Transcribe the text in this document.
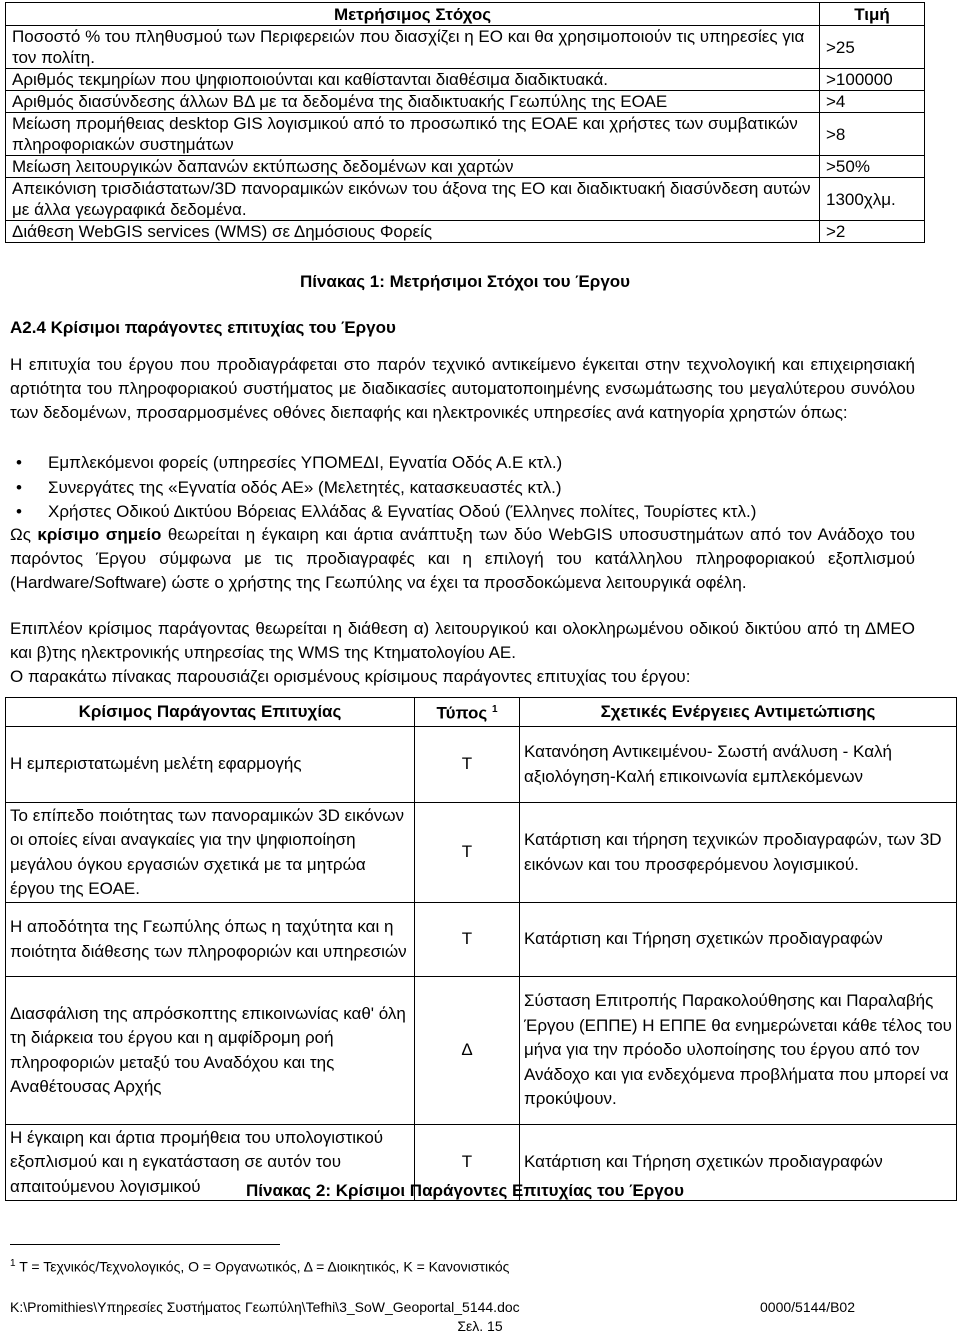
Μετρήσιμος Στόχος	Τιμή
Ποσοστό % του πληθυσμού των Περιφερειών που διασχίζει η ΕΟ και θα χρησιμοποιούν τις υπηρεσίες για τον πολίτη.	>25
Αριθμός τεκμηρίων που ψηφιοποιούνται και καθίστανται διαθέσιμα διαδικτυακά.	>100000
Αριθμός διασύνδεσης άλλων ΒΔ με τα δεδομένα της διαδικτυακής Γεωπύλης της ΕΟΑΕ	>4
Μείωση προμήθειας desktop GIS λογισμικού από το προσωπικό της ΕΟΑΕ και χρήστες των συμβατικών πληροφοριακών συστημάτων	>8
Μείωση λειτουργικών δαπανών εκτύπωσης δεδομένων και χαρτών	>50%
Απεικόνιση τρισδιάστατων/3D πανοραμικών εικόνων του άξονα της ΕΟ και διαδικτυακή διασύνδεση αυτών με άλλα γεωγραφικά δεδομένα.	1300χλμ.
Διάθεση WebGIS services (WMS) σε Δημόσιους Φορείς	>2
Πίνακας 1: Μετρήσιμοι Στόχοι του Έργου
Α2.4 Κρίσιμοι παράγοντες επιτυχίας του Έργου
Η επιτυχία του έργου που προδιαγράφεται στο παρόν τεχνικό αντικείμενο έγκειται στην τεχνολογική και επιχειρησιακή αρτιότητα του πληροφοριακού συστήματος με διαδικασίες αυτοματοποιημένης ενσωμάτωσης του μεγαλύτερου συνόλου των δεδομένων, προσαρμοσμένες οθόνες διεπαφής και ηλεκτρονικές υπηρεσίες ανά κατηγορία χρηστών όπως:
• Εμπλεκόμενοι φορείς (υπηρεσίες ΥΠΟΜΕΔΙ, Εγνατία Οδός Α.Ε κτλ.)
• Συνεργάτες της «Εγνατία οδός ΑΕ» (Μελετητές, κατασκευαστές κτλ.)
• Χρήστες Οδικού Δικτύου Βόρειας Ελλάδας & Εγνατίας Οδού (Έλληνες πολίτες, Τουρίστες κτλ.)
Ως κρίσιμο σημείο θεωρείται η έγκαιρη και άρτια ανάπτυξη των δύο WebGIS υποσυστημάτων από τον Ανάδοχο του παρόντος Έργου σύμφωνα με τις προδιαγραφές και η επιλογή του κατάλληλου πληροφοριακού εξοπλισμού (Hardware/Software) ώστε ο χρήστης της Γεωπύλης να έχει τα προσδοκώμενα λειτουργικά οφέλη.
Επιπλέον κρίσιμος παράγοντας θεωρείται η διάθεση α) λειτουργικού και ολοκληρωμένου οδικού δικτύου από τη ΔΜΕΟ και β)της ηλεκτρονικής υπηρεσίας της WMS της Κτηματολογίου ΑΕ.
Ο παρακάτω πίνακας παρουσιάζει ορισμένους κρίσιμους παράγοντες επιτυχίας του έργου:
Κρίσιμος Παράγοντας Επιτυχίας	Τύπος $^1$	Σχετικές Ενέργειες Αντιμετώπισης
Η εμπεριστατωμένη μελέτη εφαρμογής	Τ	Κατανόηση Αντικειμένου- Σωστή ανάλυση - Καλή αξιολόγηση-Καλή επικοινωνία εμπλεκόμενων
Το επίπεδο ποιότητας των πανοραμικών 3D εικόνων οι οποίες είναι αναγκαίες για την ψηφιοποίηση μεγάλου όγκου εργασιών σχετικά με τα μητρώα έργου της ΕΟΑΕ.	Τ	Κατάρτιση και τήρηση τεχνικών προδιαγραφών, των 3D εικόνων και του προσφερόμενου λογισμικού.
Η αποδότητα της Γεωπύλης όπως η ταχύτητα και η ποιότητα διάθεσης των πληροφοριών και υπηρεσιών	Τ	Κατάρτιση και Τήρηση σχετικών προδιαγραφών
Διασφάλιση της απρόσκοπτης επικοινωνίας καθ' όλη τη διάρκεια του έργου και η αμφίδρομη ροή πληροφοριών μεταξύ του Αναδόχου και της Αναθέτουσας Αρχής	Δ	Σύσταση Επιτροπής Παρακολούθησης και Παραλαβής Έργου (ΕΠΠΕ) Η ΕΠΠΕ θα ενημερώνεται κάθε τέλος του μήνα για την πρόοδο υλοποίησης του έργου από τον Ανάδοχο και για ενδεχόμενα προβλήματα που μπορεί να προκύψουν.
Η έγκαιρη και άρτια προμήθεια του υπολογιστικού εξοπλισμού και η εγκατάσταση σε αυτόν του απαιτούμενου λογισμικού	Τ	Κατάρτιση και Τήρηση σχετικών προδιαγραφών
Πίνακας 2: Κρίσιμοι Παράγοντες Επιτυχίας του Έργου
$^1$ Τ = Τεχνικός/Τεχνολογικός, Ο = Οργανωτικός, Δ = Διοικητικός, Κ = Κανονιστικός
K:\Promithies\Υπηρεσίες Συστήματος Γεωπύλη\Tefhi\3_SoW_Geoportal_5144.doc	0000/5144/Β02
Σελ. 15
